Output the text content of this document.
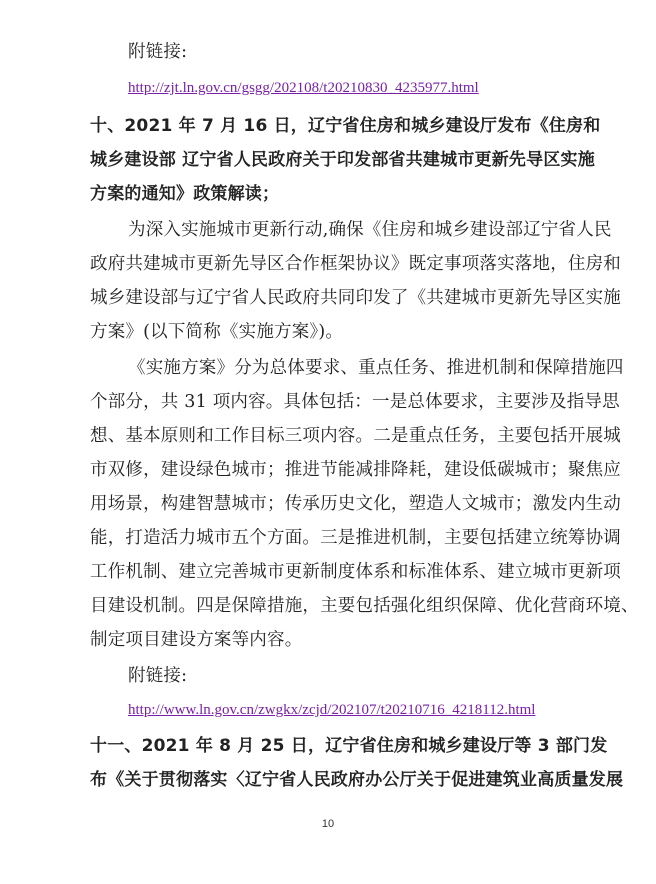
附链接:
http://zjt.ln.gov.cn/gsgg/202108/t20210830_4235977.html
十、2021 年 7 月 16 日，辽宁省住房和城乡建设厅发布《住房和
城乡建设部 辽宁省人民政府关于印发部省共建城市更新先导区实施
方案的通知》政策解读；
为深入实施城市更新行动,确保《住房和城乡建设部辽宁省人民
政府共建城市更新先导区合作框架协议》既定事项落实落地，住房和
城乡建设部与辽宁省人民政府共同印发了《共建城市更新先导区实施
方案》(以下简称《实施方案》)。
《实施方案》分为总体要求、重点任务、推进机制和保障措施四
个部分，共 31 项内容。具体包括：一是总体要求，主要涉及指导思
想、基本原则和工作目标三项内容。二是重点任务，主要包括开展城
市双修，建设绿色城市；推进节能减排降耗，建设低碳城市；聚焦应
用场景，构建智慧城市；传承历史文化，塑造人文城市；激发内生动
能，打造活力城市五个方面。三是推进机制，主要包括建立统筹协调
工作机制、建立完善城市更新制度体系和标准体系、建立城市更新项
目建设机制。四是保障措施，主要包括强化组织保障、优化营商环境、
制定项目建设方案等内容。
附链接:
http://www.ln.gov.cn/zwgkx/zcjd/202107/t20210716_4218112.html
十一、2021 年 8 月 25 日，辽宁省住房和城乡建设厅等 3 部门发
布《关于贯彻落实〈辽宁省人民政府办公厅关于促进建筑业高质量发展
10
